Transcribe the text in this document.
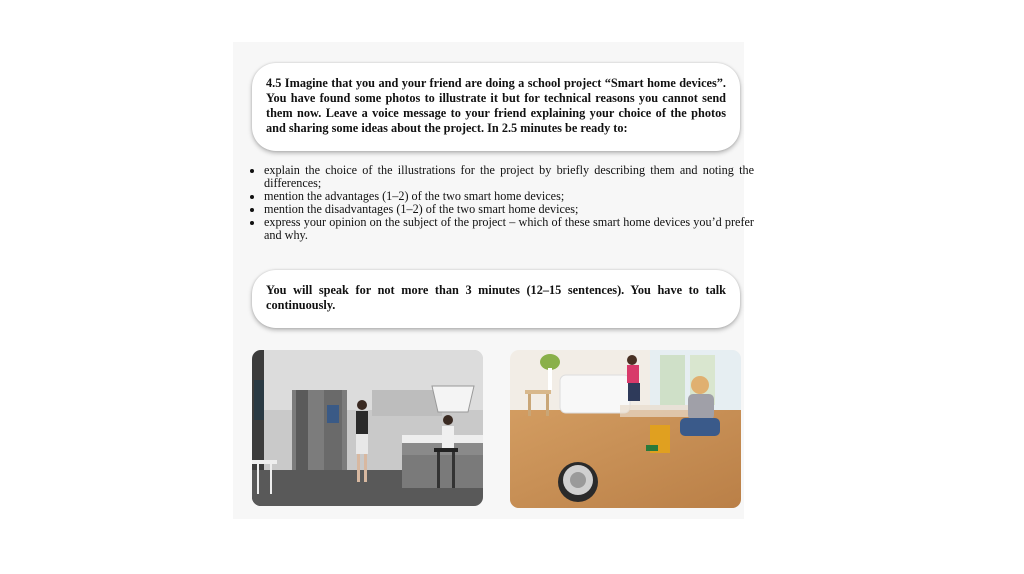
4.5 Imagine that you and your friend are doing a school project “Smart home devices”. You have found some photos to illustrate it but for technical reasons you cannot send them now. Leave a voice message to your friend explaining your choice of the photos and sharing some ideas about the project. In 2.5 minutes be ready to:
• explain the choice of the illustrations for the project by briefly describing them and noting the differences;
• mention the advantages (1–2) of the two smart home devices;
• mention the disadvantages (1–2) of the two smart home devices;
• express your opinion on the subject of the project – which of these smart home devices you’d prefer and why.
You will speak for not more than 3 minutes (12–15 sentences). You have to talk continuously.
